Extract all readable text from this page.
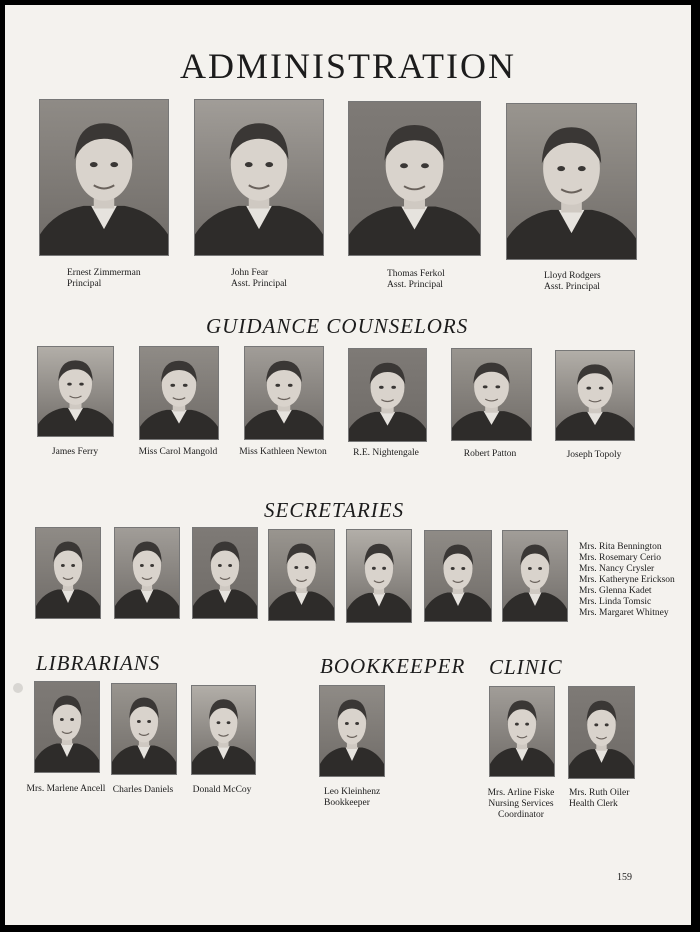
ADMINISTRATION
Ernest Zimmerman
Principal
John Fear
Asst. Principal
Thomas Ferkol
Asst. Principal
Lloyd Rodgers
Asst. Principal
GUIDANCE COUNSELORS
James Ferry	Miss Carol Mangold	Miss Kathleen Newton	R.E. Nightengale	Robert Patton	Joseph Topoly
SECRETARIES
Mrs. Rita Bennington
Mrs. Rosemary Cerio
Mrs. Nancy Crysler
Mrs. Katheryne Erickson
Mrs. Glenna Kadet
Mrs. Linda Tomsic
Mrs. Margaret Whitney
LIBRARIANS	BOOKKEEPER CLINIC
Mrs. Marlene Ancell Charles Daniels	Donald McCoy	Leo Kleinhenz
Bookkeeper
Mrs. Arline Fiske
Nursing Services
Coordinator
Mrs. Ruth Oiler
Health Clerk
159
